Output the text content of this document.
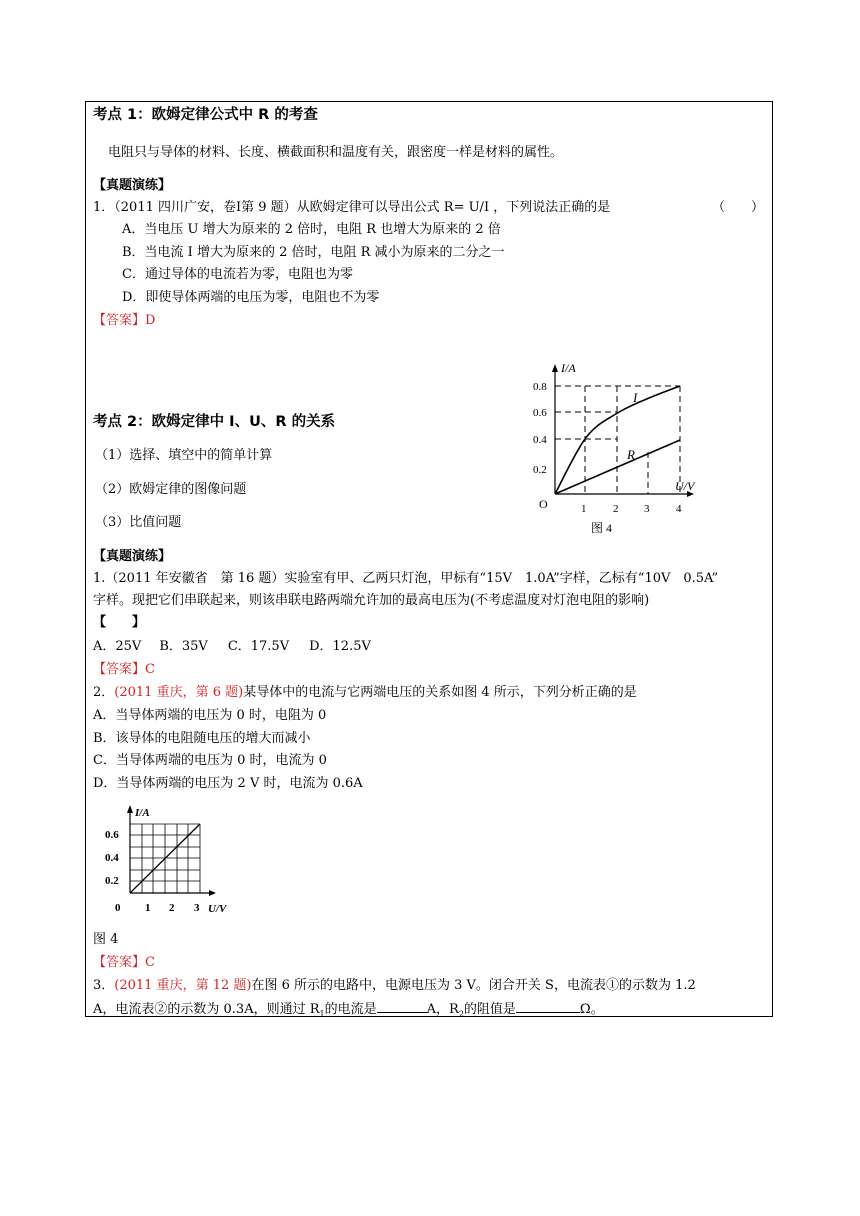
考点 1：欧姆定律公式中 R 的考查
电阻只与导体的材料、长度、横截面积和温度有关，跟密度一样是材料的属性。
【真题演练】
1．（2011 四川广安，卷Ⅰ第 9 题）从欧姆定律可以导出公式 R= U/I ，下列说法正确的是	（　　）
A．当电压 U 增大为原来的 2 倍时，电阻 R 也增大为原来的 2 倍
B．当电流 I 增大为原来的 2 倍时，电阻 R 减小为原来的二分之一
C．通过导体的电流若为零，电阻也为零
D．即使导体两端的电压为零，电阻也不为零
【答案】D
I/A
U/V
O
0.8
0.6
0.4
0.2
1 2 3 4
I
R
图 4
考点 2：欧姆定律中 I、U、R 的关系
（1）选择、填空中的简单计算
（2）欧姆定律的图像问题
（3）比值问题
【真题演练】
1.（2011 年安徽省　第 16 题）实验室有甲、乙两只灯泡，甲标有“15V　1.0A”字样，乙标有“10V　0.5A”
字样。现把它们串联起来，则该串联电路两端允许加的最高电压为(不考虑温度对灯泡电阻的影响)
【　　】
A．25V B．35V C．17.5V D．12.5V
【答案】C
2．(2011 重庆，第 6 题)某导体中的电流与它两端电压的关系如图 4 所示，下列分析正确的是
A．当导体两端的电压为 0 时，电阻为 0
B．该导体的电阻随电压的增大而减小
C．当导体两端的电压为 0 时，电流为 0
D．当导体两端的电压为 2 V 时，电流为 0.6A
I/A
U/V
0
0.6
0.4
0.2
1 2 3
图 4
【答案】C
3．(2011 重庆，第 12 题)在图 6 所示的电路中，电源电压为 3 V。闭合开关 S，电流表①的示数为 1.2
A，电流表②的示数为 0.3A，则通过 $R_1$的电流是	A，$R_2$的阻值是	Ω。
